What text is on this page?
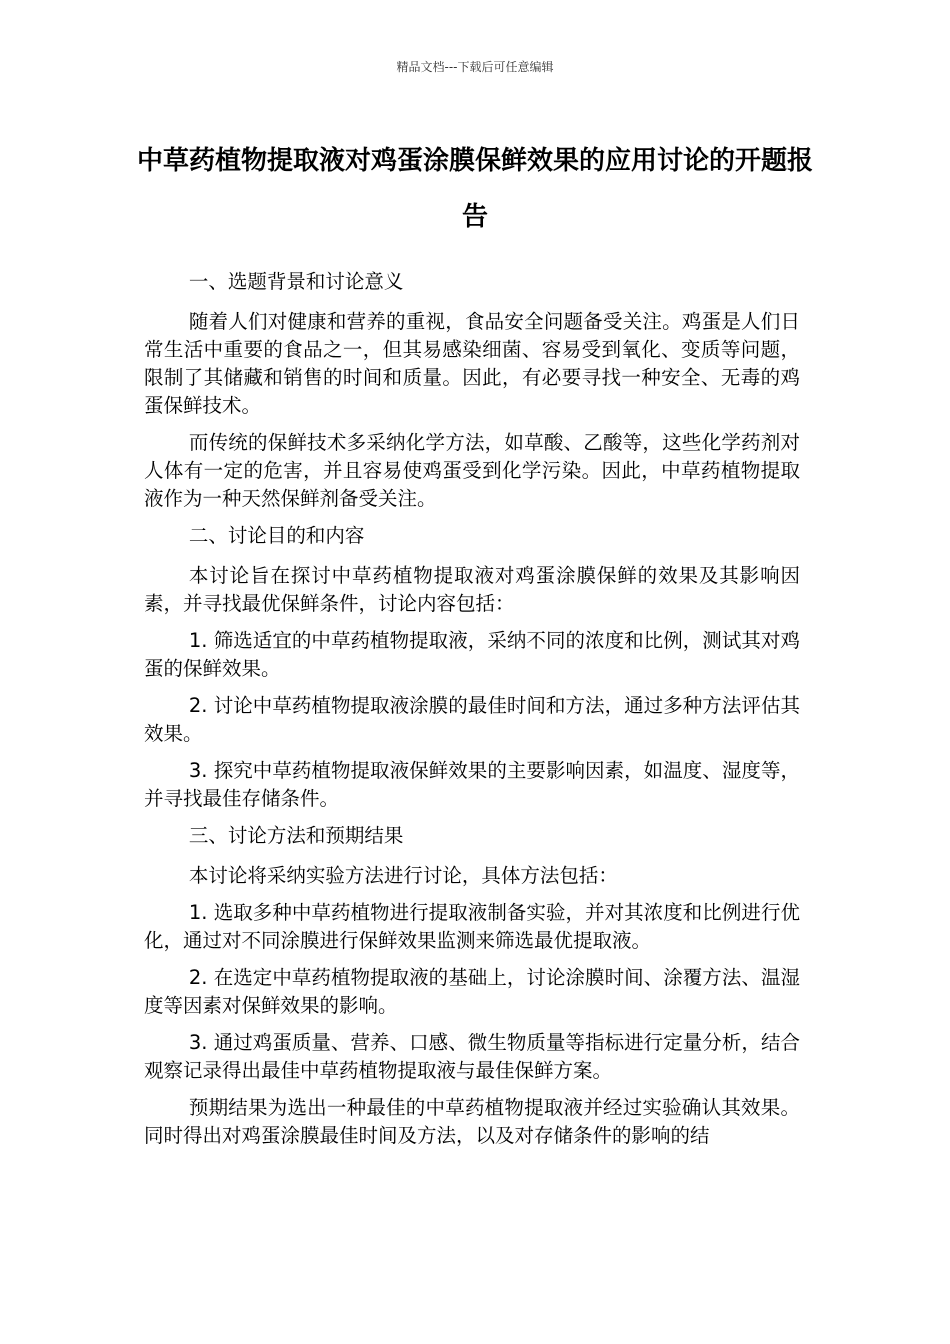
精品文档---下载后可任意编辑
中草药植物提取液对鸡蛋涂膜保鲜效果的应用讨论的开题报告

一、选题背景和讨论意义

随着人们对健康和营养的重视，食品安全问题备受关注。鸡蛋是人们日常生活中重要的食品之一，但其易感染细菌、容易受到氧化、变质等问题，限制了其储藏和销售的时间和质量。因此，有必要寻找一种安全、无毒的鸡蛋保鲜技术。

而传统的保鲜技术多采纳化学方法，如草酸、乙酸等，这些化学药剂对人体有一定的危害，并且容易使鸡蛋受到化学污染。因此，中草药植物提取液作为一种天然保鲜剂备受关注。

二、讨论目的和内容

本讨论旨在探讨中草药植物提取液对鸡蛋涂膜保鲜的效果及其影响因素，并寻找最优保鲜条件，讨论内容包括：

1. 筛选适宜的中草药植物提取液，采纳不同的浓度和比例，测试其对鸡蛋的保鲜效果。

2. 讨论中草药植物提取液涂膜的最佳时间和方法，通过多种方法评估其效果。

3. 探究中草药植物提取液保鲜效果的主要影响因素，如温度、湿度等，并寻找最佳存储条件。

三、讨论方法和预期结果

本讨论将采纳实验方法进行讨论，具体方法包括：

1. 选取多种中草药植物进行提取液制备实验，并对其浓度和比例进行优化，通过对不同涂膜进行保鲜效果监测来筛选最优提取液。

2. 在选定中草药植物提取液的基础上，讨论涂膜时间、涂覆方法、温湿度等因素对保鲜效果的影响。

3. 通过鸡蛋质量、营养、口感、微生物质量等指标进行定量分析，结合观察记录得出最佳中草药植物提取液与最佳保鲜方案。

预期结果为选出一种最佳的中草药植物提取液并经过实验确认其效果。同时得出对鸡蛋涂膜最佳时间及方法，以及对存储条件的影响的结
